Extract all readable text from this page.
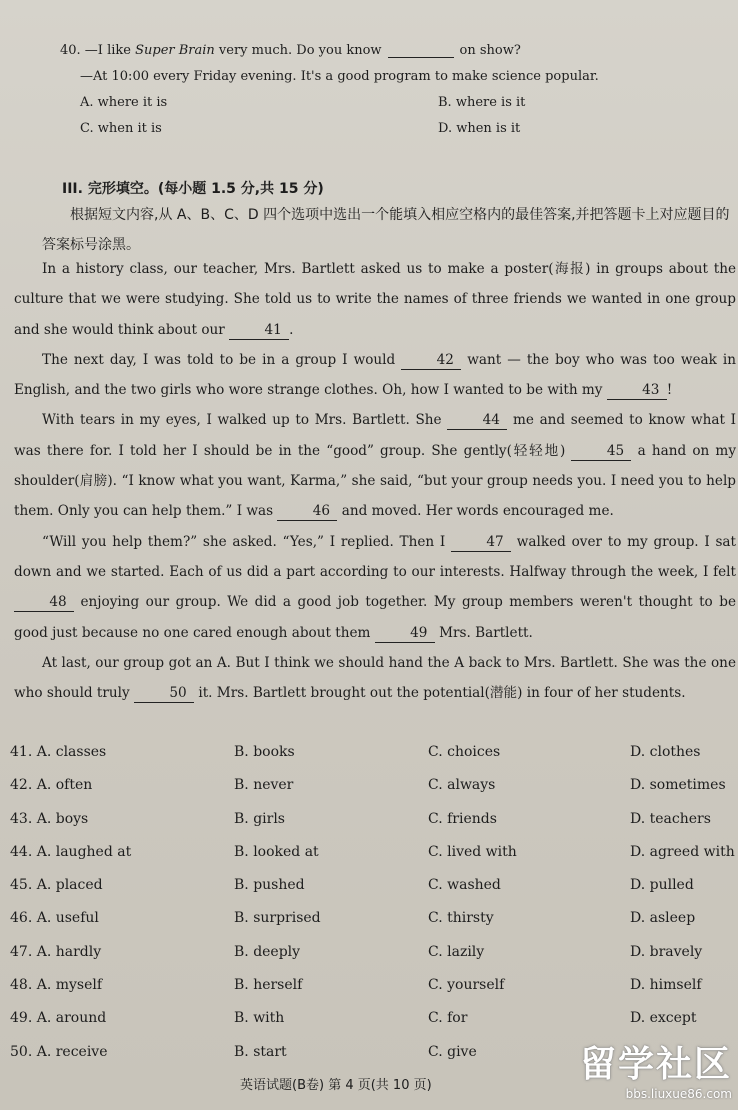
40. —I like Super Brain very much. Do you know	on show?
—At 10:00 every Friday evening. It's a good program to make science popular.
A. where it is	B. where is it
C. when it is	D. when is it
III. 完形填空。(每小题 1.5 分,共 15 分)
根据短文内容,从 A、B、C、D 四个选项中选出一个能填入相应空格内的最佳答案,并把答题卡上对应题目的答案标号涂黑。

In a history class, our teacher, Mrs. Bartlett asked us to make a poster(海报) in groups about the culture that we were studying. She told us to write the names of three friends we wanted in one group and she would think about our	41 .

The next day, I was told to be in a group I would	42 want — the boy who was too weak in English, and the two girls who wore strange clothes. Oh, how I wanted to be with my	43 !

With tears in my eyes, I walked up to Mrs. Bartlett. She	44 me and seemed to know what I was there for. I told her I should be in the “good” group. She gently(轻轻地)	45 a hand on my shoulder(肩膀). “I know what you want, Karma,” she said, “but your group needs you. I need you to help them. Only you can help them.” I was	46 and moved. Her words encouraged me.

“Will you help them?” she asked. “Yes,” I replied. Then I	47 walked over to my group. I sat down and we started. Each of us did a part according to our interests. Halfway through the week, I felt 48 enjoying our group. We did a good job together. My group members weren't thought to be good just because no one cared enough about them	49 Mrs. Bartlett.

At last, our group got an A. But I think we should hand the A back to Mrs. Bartlett. She was the one who should truly	50 it. Mrs. Bartlett brought out the potential(潜能) in four of her students.

41. A. classes	B. books	C. choices	D. clothes
42. A. often	B. never	C. always	D. sometimes
43. A. boys	B. girls	C. friends	D. teachers
44. A. laughed at	B. looked at	C. lived with	D. agreed with
45. A. placed	B. pushed	C. washed	D. pulled
46. A. useful	B. surprised	C. thirsty	D. asleep
47. A. hardly	B. deeply	C. lazily	D. bravely
48. A. myself	B. herself	C. yourself	D. himself
49. A. around	B. with	C. for	D. except
50. A. receive	B. start	C. give
英语试题(B卷) 第 4 页(共 10 页)
留学社区
bbs.liuxue86.com
